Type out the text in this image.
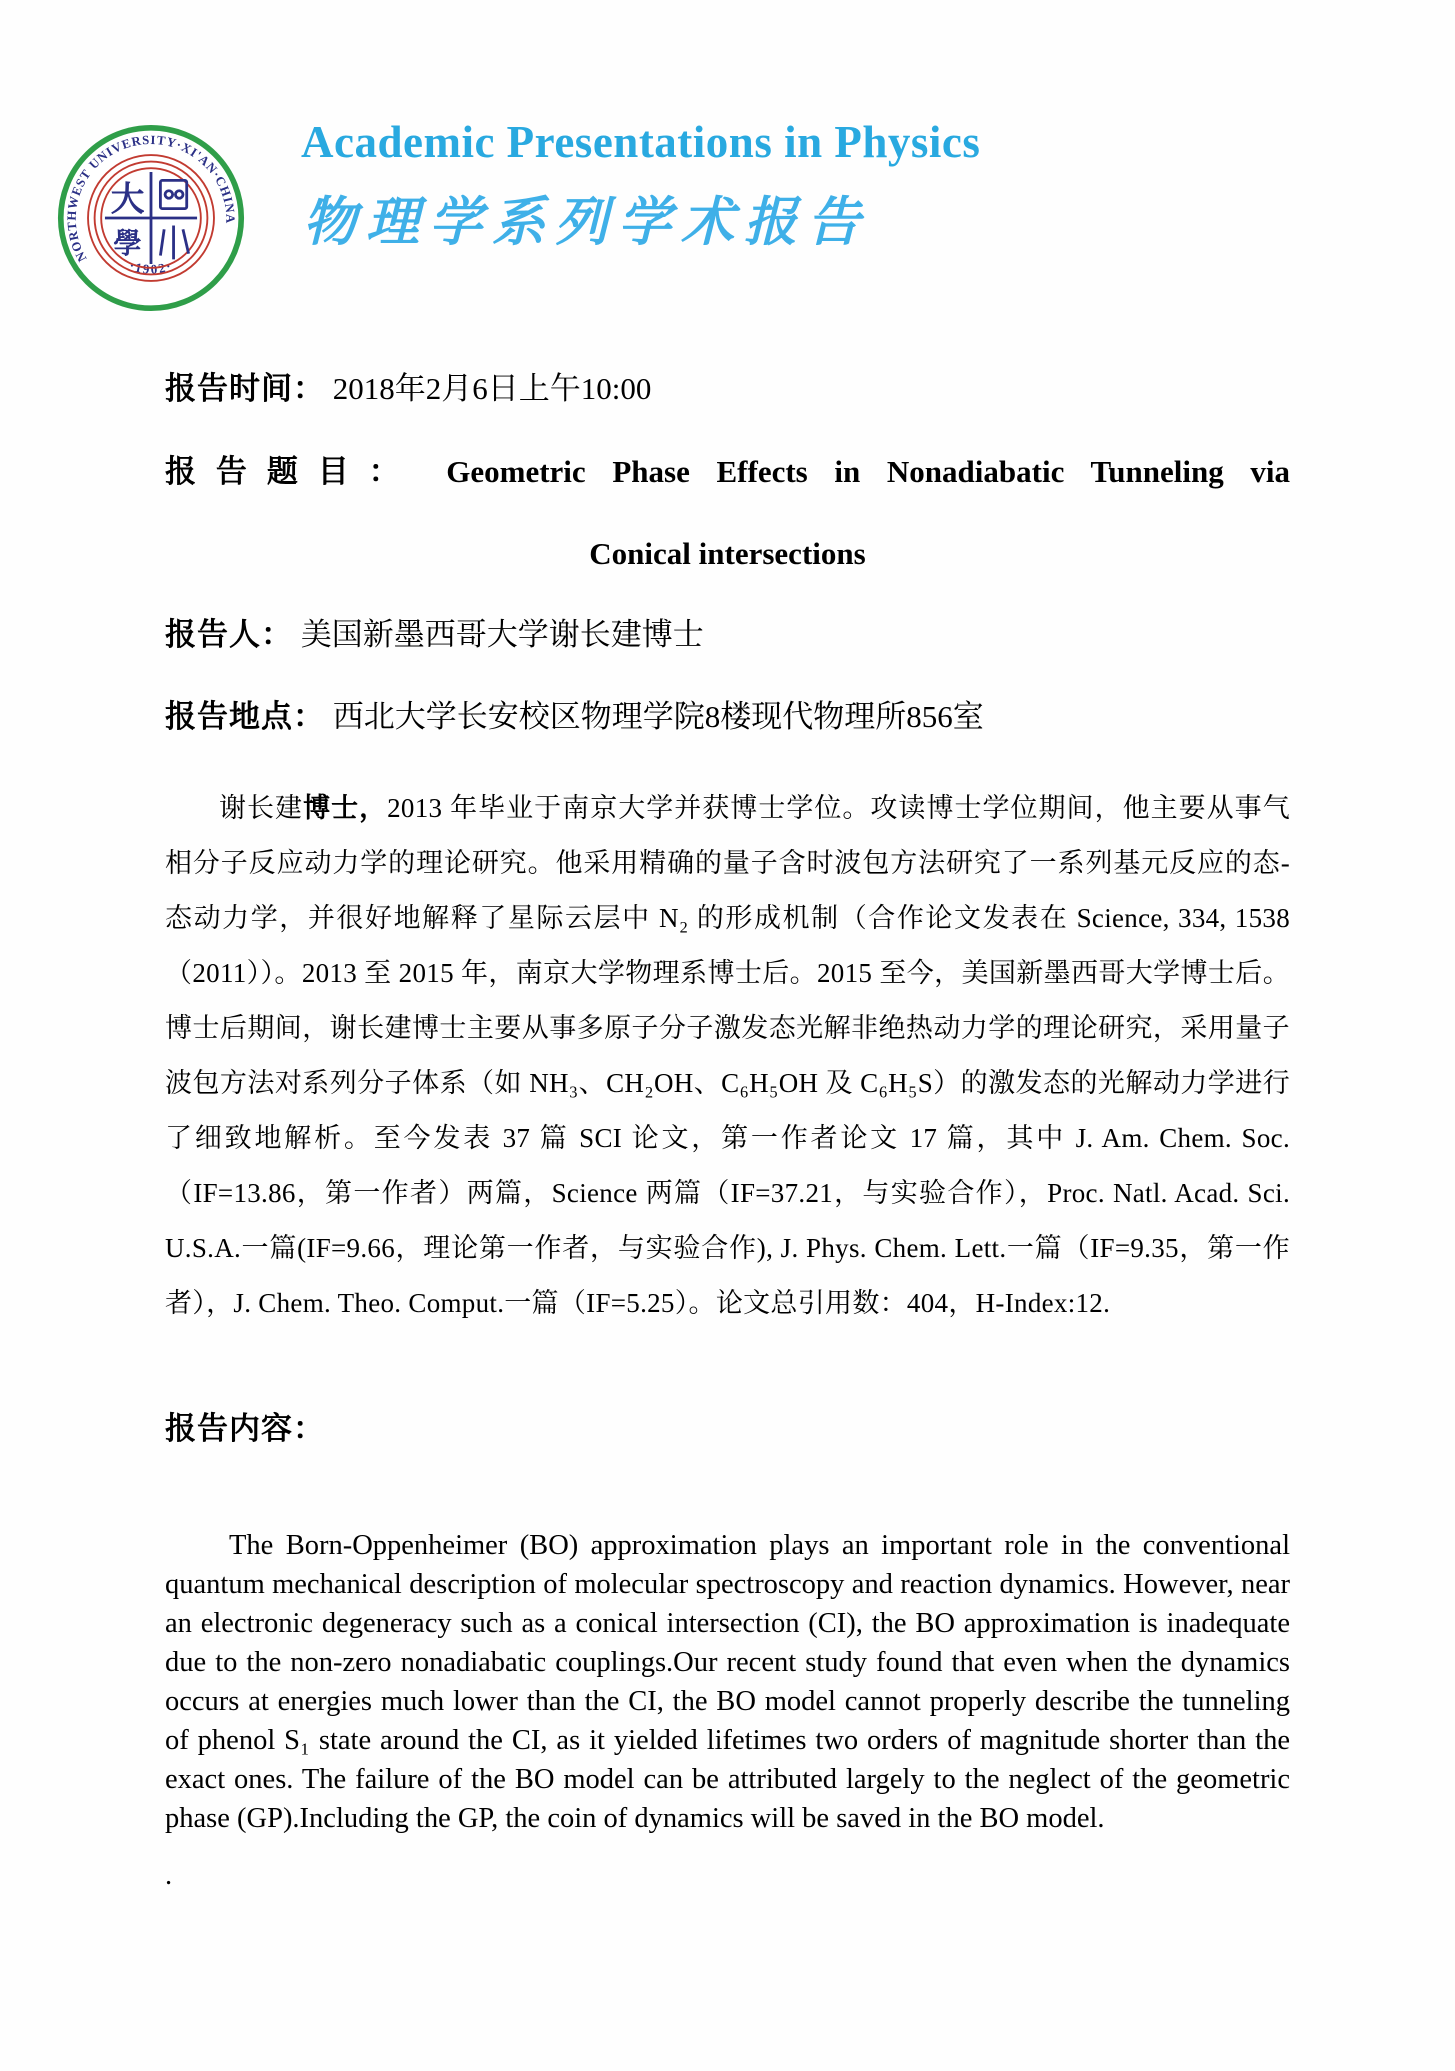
NORTHWEST UNIVERSITY·XI'AN·CHINA
·1902·
大
學
Academic Presentations in Physics
物理学系列学术报告

报告时间： 2018年2月6日上午10:00

报告题目： Geometric Phase Effects in Nonadiabatic Tunneling via

Conical intersections

报告人： 美国新墨西哥大学谢长建博士

报告地点： 西北大学长安校区物理学院8楼现代物理所856室

谢长建博士，2013 年毕业于南京大学并获博士学位。攻读博士学位期间，他主要从事气相分子反应动力学的理论研究。他采用精确的量子含时波包方法研究了一系列基元反应的态-态动力学，并很好地解释了星际云层中 N₂ 的形成机制（合作论文发表在 Science, 334, 1538（2011））。2013 至 2015 年，南京大学物理系博士后。2015 至今，美国新墨西哥大学博士后。博士后期间，谢长建博士主要从事多原子分子激发态光解非绝热动力学的理论研究，采用量子波包方法对系列分子体系（如 NH₃、CH₂OH、C₆H₅OH 及 C₆H₅S）的激发态的光解动力学进行了细致地解析。至今发表 37 篇 SCI 论文，第一作者论文 17 篇，其中 J. Am. Chem. Soc.（IF=13.86，第一作者）两篇，Science 两篇（IF=37.21，与实验合作），Proc. Natl. Acad. Sci. U.S.A.一篇(IF=9.66，理论第一作者，与实验合作), J. Phys. Chem. Lett.一篇（IF=9.35，第一作者），J. Chem. Theo. Comput.一篇（IF=5.25）。论文总引用数：404，H-Index:12.

报告内容：

The Born-Oppenheimer (BO) approximation plays an important role in the conventional quantum mechanical description of molecular spectroscopy and reaction dynamics. However, near an electronic degeneracy such as a conical intersection (CI), the BO approximation is inadequate due to the non-zero nonadiabatic couplings.Our recent study found that even when the dynamics occurs at energies much lower than the CI, the BO model cannot properly describe the tunneling of phenol S₁ state around the CI, as it yielded lifetimes two orders of magnitude shorter than the exact ones. The failure of the BO model can be attributed largely to the neglect of the geometric phase (GP).Including the GP, the coin of dynamics will be saved in the BO model.

.
